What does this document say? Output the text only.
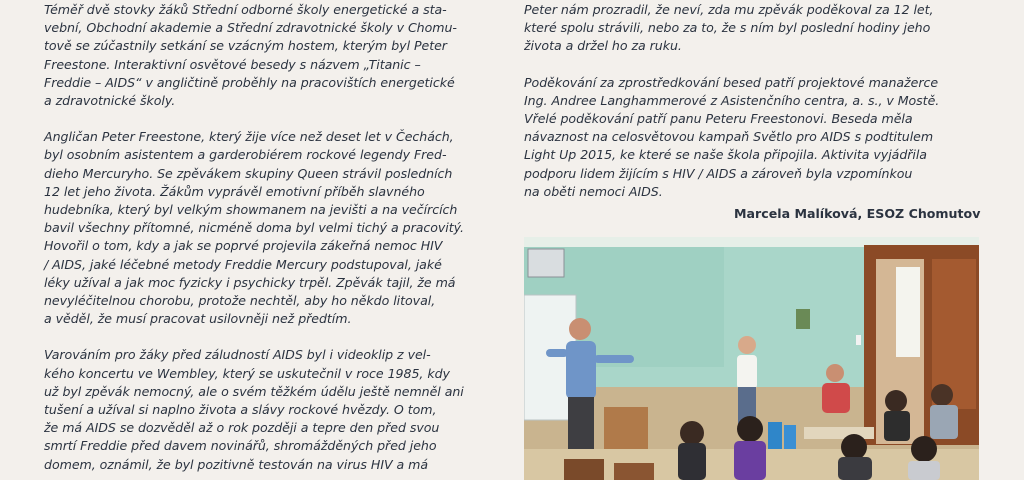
Téměř dvě stovky žáků Střední odborné školy energetické a sta-

vební, Obchodní akademie a Střední zdravotnické školy v Chomu-

tově se zúčastnily setkání se vzácným hostem, kterým byl Peter

Freestone. Interaktivní osvětové besedy s názvem „Titanic –

Freddie – AIDS“ v angličtině proběhly na pracovištích energetické

a zdravotnické školy.

Angličan Peter Freestone, který žije více než deset let v Čechách,

byl osobním asistentem a garderobiérem rockové legendy Fred-

dieho Mercuryho. Se zpěvákem skupiny Queen strávil posledních

12 let jeho života. Žákům vyprávěl emotivní příběh slavného

hudebníka, který byl velkým showmanem na jevišti a na večírcích

bavil všechny přítomné, nicméně doma byl velmi tichý a pracovitý.

Hovořil o tom, kdy a jak se poprvé projevila zákeřná nemoc HIV

/ AIDS, jaké léčebné metody Freddie Mercury podstupoval, jaké

léky užíval a jak moc fyzicky i psychicky trpěl. Zpěvák tajil, že má

nevyléčitelnou chorobu, protože nechtěl, aby ho někdo litoval,

a věděl, že musí pracovat usilovněji než předtím.

Varováním pro žáky před záludností AIDS byl i videoklip z vel-

kého koncertu ve Wembley, který se uskutečnil v roce 1985, kdy

už byl zpěvák nemocný, ale o svém těžkém údělu ještě nemněl ani

tušení a užíval si naplno života a slávy rockové hvězdy. O tom,

že má AIDS se dozvěděl až o rok později a tepre den před svou

smrtí Freddie před davem novinářů, shromážděných před jeho

domem, oznámil, že byl pozitivně testován na virus HIV a má

Peter nám prozradil, že neví, zda mu zpěvák poděkoval za 12 let,

které spolu strávili, nebo za to, že s ním byl poslední hodiny jeho

života a držel ho za ruku.

Poděkování za zprostředkování besed patří projektové manažerce

Ing. Andree Langhammerové z Asistenčního centra, a. s., v Mostě.

Vřelé poděkování patří panu Peteru Freestonovi. Beseda měla

návaznost na celosvětovou kampaň Světlo pro AIDS s podtitulem

Light Up 2015, ke které se naše škola připojila. Aktivita vyjádřila

podporu lidem žijícím s HIV / AIDS a zároveň byla vzpomínkou

na oběti nemoci AIDS.

Marcela Malíková, ESOZ Chomutov
